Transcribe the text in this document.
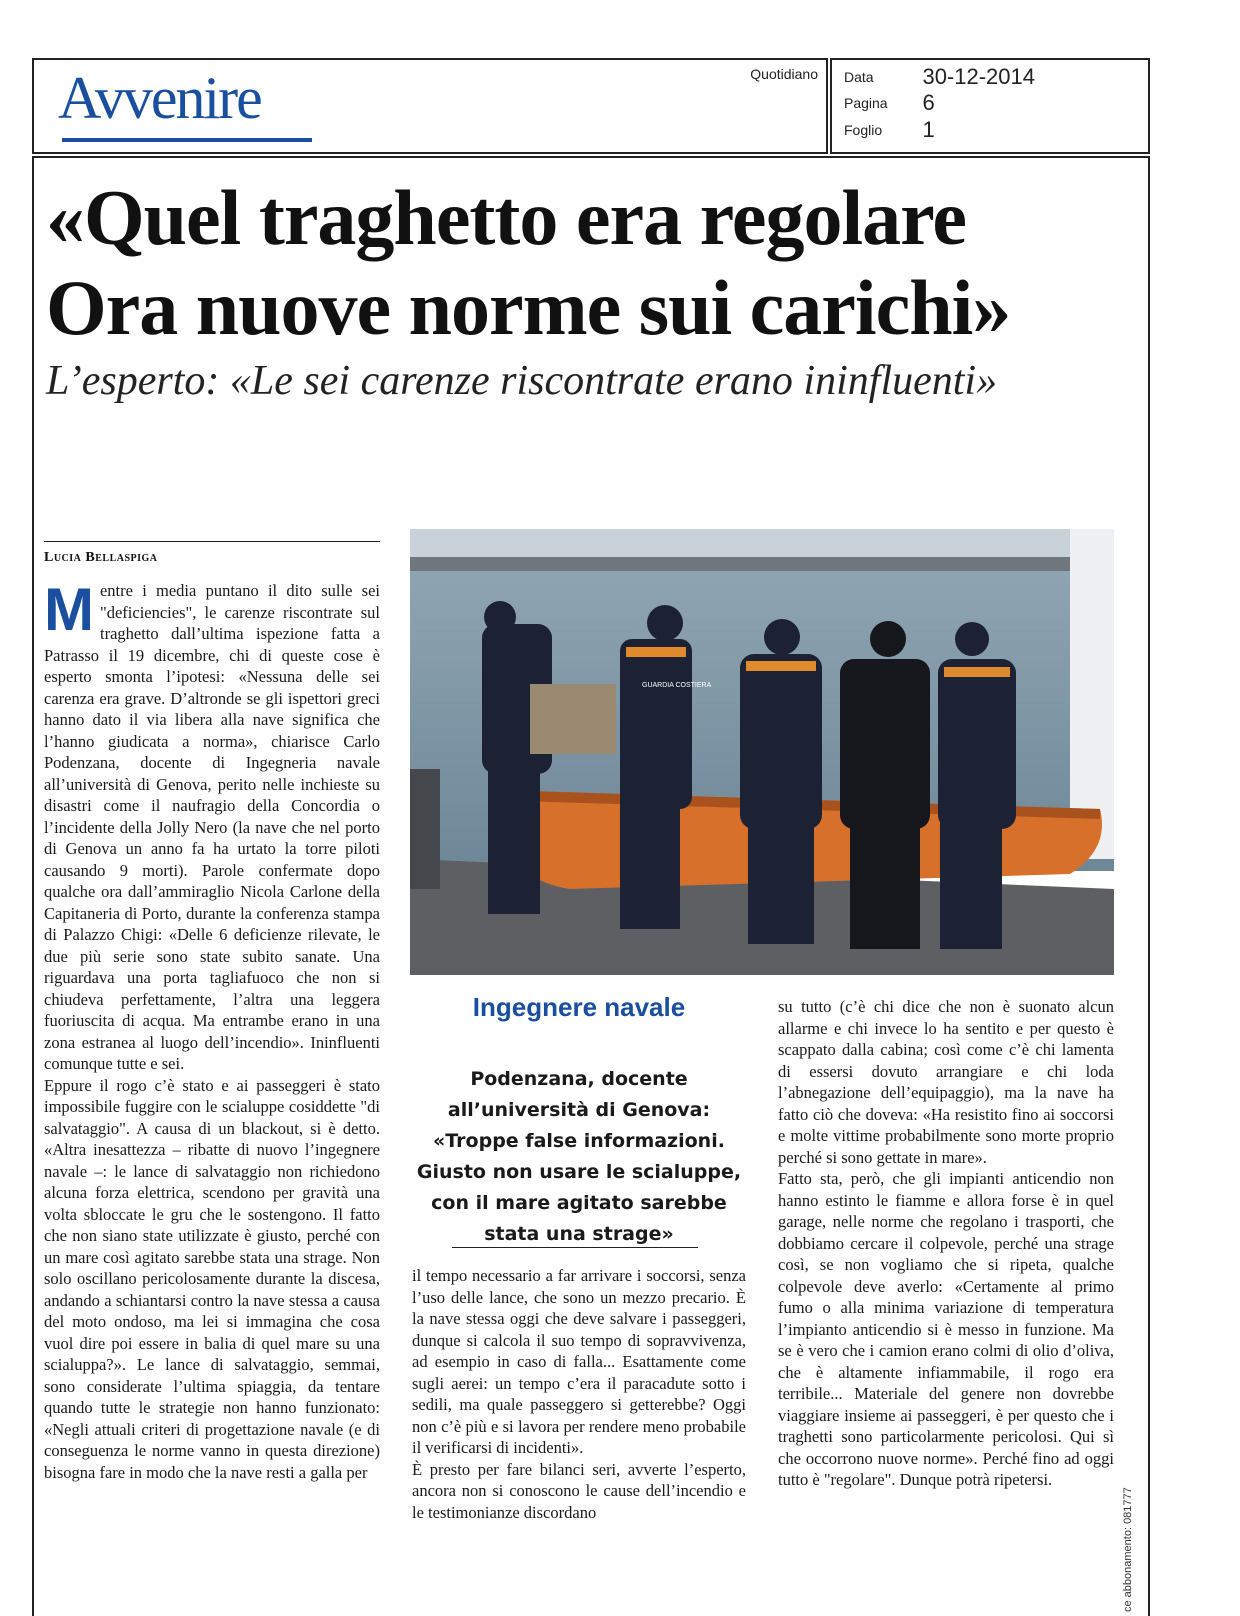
Avvenire	Quotidiano Data 30-12-2014
Pagina 6
Foglio 1
«Quel traghetto era regolare
Ora nuove norme sui carichi»
L’esperto: «Le sei carenze riscontrate erano ininfluenti»
Lucia Bellaspiga

Mentre i media puntano il dito sulle sei "deficiencies", le carenze riscontrate sul traghetto dall’ultima ispezione fatta a Patrasso il 19 dicembre, chi di queste cose è esperto smonta l’ipotesi: «Nessuna delle sei carenza era grave. D’altronde se gli ispettori greci hanno dato il via libera alla nave significa che l’hanno giudicata a norma», chiarisce Carlo Podenzana, docente di Ingegneria navale all’università di Genova, perito nelle inchieste su disastri come il naufragio della Concordia o l’incidente della Jolly Nero (la nave che nel porto di Genova un anno fa ha urtato la torre piloti causando 9 morti). Parole confermate dopo qualche ora dall’ammiraglio Nicola Carlone della Capitaneria di Porto, durante la conferenza stampa di Palazzo Chigi: «Delle 6 deficienze rilevate, le due più serie sono state subito sanate. Una riguardava una porta tagliafuoco che non si chiudeva perfettamente, l’altra una leggera fuoriuscita di acqua. Ma entrambe erano in una zona estranea al luogo dell’incendio». Ininfluenti comunque tutte e sei.

Eppure il rogo c’è stato e ai passeggeri è stato impossibile fuggire con le scialuppe cosiddette "di salvataggio". A causa di un blackout, si è detto. «Altra inesattezza – ribatte di nuovo l’ingegnere navale –: le lance di salvataggio non richiedono alcuna forza elettrica, scendono per gravità una volta sbloccate le gru che le sostengono. Il fatto che non siano state utilizzate è giusto, perché con un mare così agitato sarebbe stata una strage. Non solo oscillano pericolosamente durante la discesa, andando a schiantarsi contro la nave stessa a causa del moto ondoso, ma lei si immagina che cosa vuol dire poi essere in balia di quel mare su una scialuppa?». Le lance di salvataggio, semmai, sono considerate l’ultima spiaggia, da tentare quando tutte le strategie non hanno funzionato: «Negli attuali criteri di progettazione navale (e di conseguenza le norme vanno in questa direzione) bisogna fare in modo che la nave resti a galla per

GUARDIA COSTIERA
Ingegnere navale
Podenzana, docente all’università di Genova: «Troppe false informazioni. Giusto non usare le scialuppe, con il mare agitato sarebbe stata una strage»

il tempo necessario a far arrivare i soccorsi, senza l’uso delle lance, che sono un mezzo precario. È la nave stessa oggi che deve salvare i passeggeri, dunque si calcola il suo tempo di sopravvivenza, ad esempio in caso di falla... Esattamente come sugli aerei: un tempo c’era il paracadute sotto i sedili, ma quale passeggero si getterebbe? Oggi non c’è più e si lavora per rendere meno probabile il verificarsi di incidenti».

È presto per fare bilanci seri, avverte l’esperto, ancora non si conoscono le cause dell’incendio e le testimonianze discordano

su tutto (c’è chi dice che non è suonato alcun allarme e chi invece lo ha sentito e per questo è scappato dalla cabina; così come c’è chi lamenta di essersi dovuto arrangiare e chi loda l’abnegazione dell’equipaggio), ma la nave ha fatto ciò che doveva: «Ha resistito fino ai soccorsi e molte vittime probabilmente sono morte proprio perché si sono gettate in mare».

Fatto sta, però, che gli impianti anticendio non hanno estinto le fiamme e allora forse è in quel garage, nelle norme che regolano i trasporti, che dobbiamo cercare il colpevole, perché una strage così, se non vogliamo che si ripeta, qualche colpevole deve averlo: «Certamente al primo fumo o alla minima variazione di temperatura l’impianto anticendio si è messo in funzione. Ma se è vero che i camion erano colmi di olio d’oliva, che è altamente infiammabile, il rogo era terribile... Materiale del genere non dovrebbe viaggiare insieme ai passeggeri, è per questo che i traghetti sono particolarmente pericolosi. Qui sì che occorrono nuove norme». Perché fino ad oggi tutto è "regolare". Dunque potrà ripetersi.

ce abbonamento: 081777
